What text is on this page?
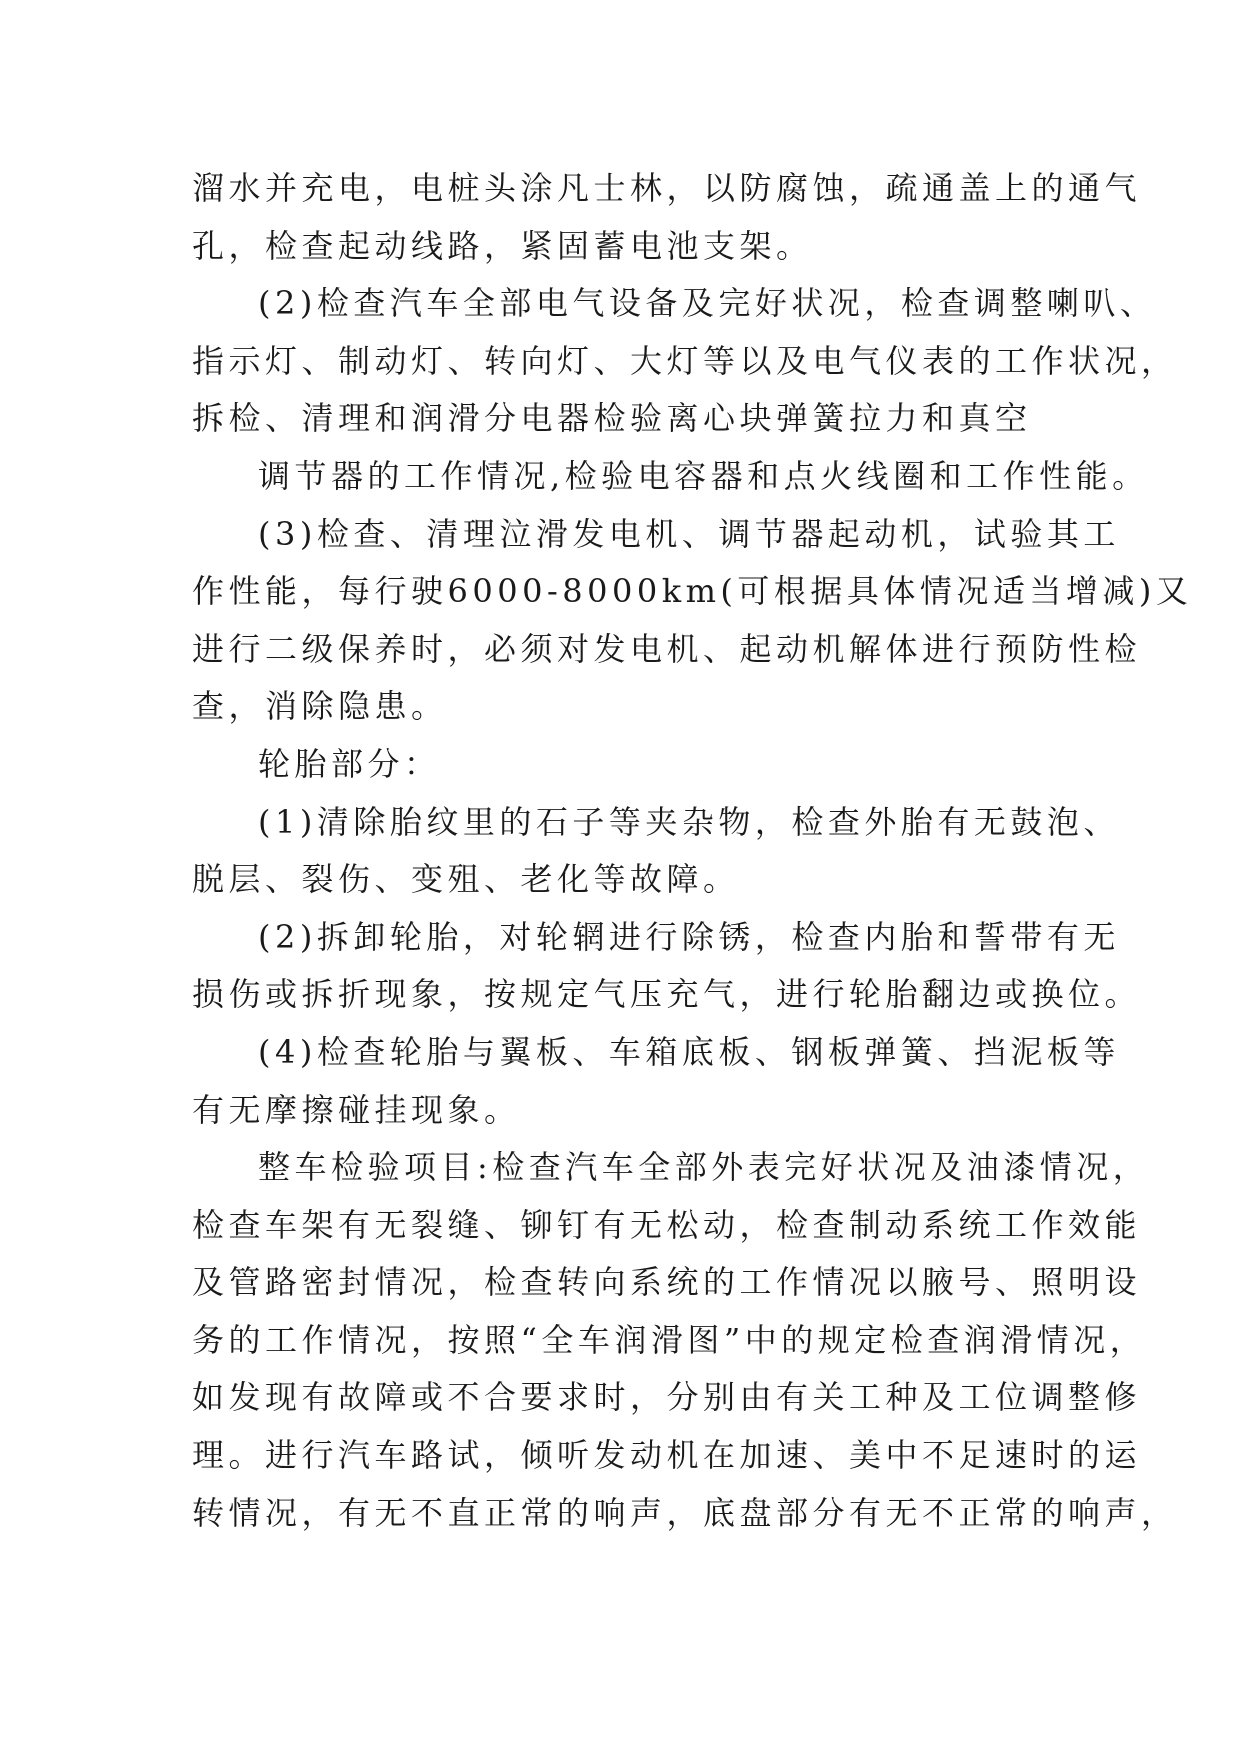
溜水并充电，电桩头涂凡士林，以防腐蚀，疏通盖上的通气
孔，检查起动线路，紧固蓄电池支架。
(2)检查汽车全部电气设备及完好状况，检查调整喇叭、
指示灯、制动灯、转向灯、大灯等以及电气仪表的工作状况，
拆检、清理和润滑分电器检验离心块弹簧拉力和真空
调节器的工作情况,检验电容器和点火线圈和工作性能。
(3)检查、清理泣滑发电机、调节器起动机，试验其工
作性能，每行驶6000-8000km(可根据具体情况适当增减)又
进行二级保养时，必须对发电机、起动机解体进行预防性检
查，消除隐患。
轮胎部分：
(1)清除胎纹里的石子等夹杂物，检查外胎有无鼓泡、
脱层、裂伤、变殂、老化等故障。
(2)拆卸轮胎，对轮辋进行除锈，检查内胎和誓带有无
损伤或拆折现象，按规定气压充气，进行轮胎翻边或换位。
(4)检查轮胎与翼板、车箱底板、钢板弹簧、挡泥板等
有无摩擦碰挂现象。
整车检验项目:检查汽车全部外表完好状况及油漆情况，
检查车架有无裂缝、铆钉有无松动，检查制动系统工作效能
及管路密封情况，检查转向系统的工作情况以腋号、照明设
务的工作情况，按照“全车润滑图”中的规定检查润滑情况，
如发现有故障或不合要求时，分别由有关工种及工位调整修
理。进行汽车路试，倾听发动机在加速、美中不足速时的运
转情况，有无不直正常的响声，底盘部分有无不正常的响声，
